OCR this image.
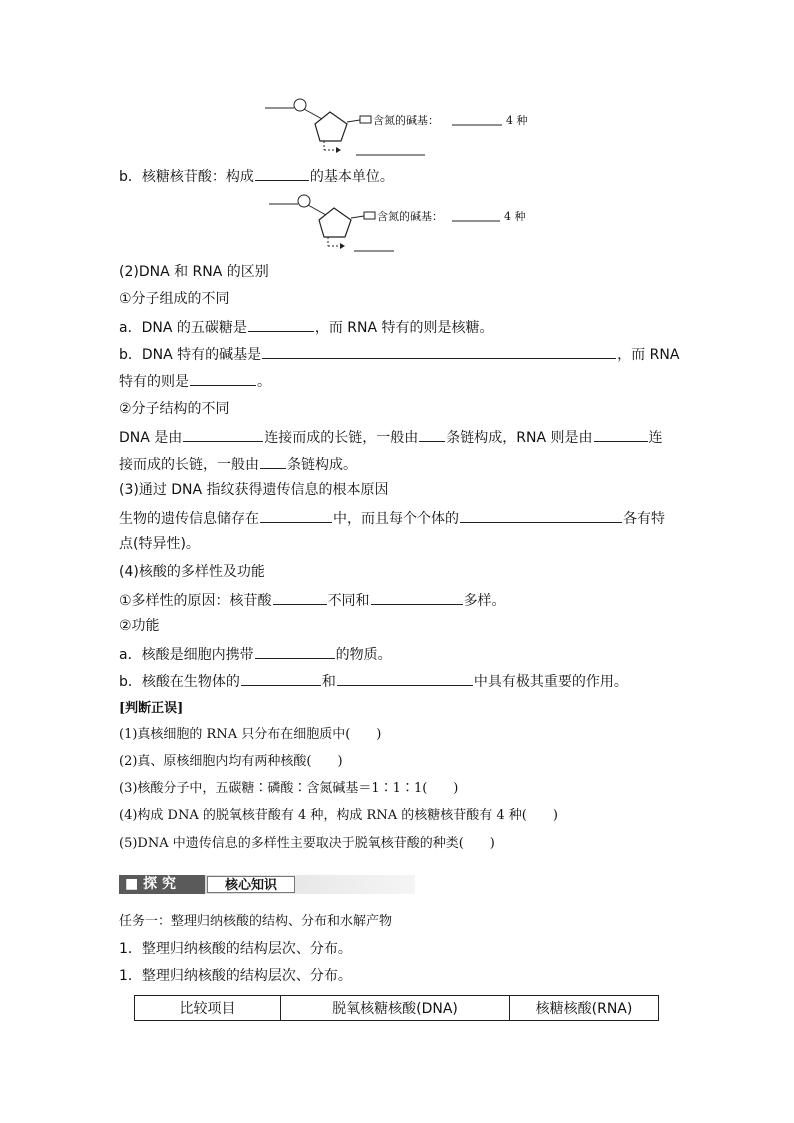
含氮的碱基：	4 种
b．核糖核苷酸：构成	的基本单位。
含氮的碱基：	4 种
(2)DNA 和 RNA 的区别
①分子组成的不同
a．DNA 的五碳糖是	，而 RNA 特有的则是核糖。
b．DNA 特有的碱基是	，而 RNA
特有的则是	。
②分子结构的不同
DNA 是由	连接而成的长链，一般由 条链构成，RNA 则是由	连
接而成的长链，一般由 条链构成。
(3)通过 DNA 指纹获得遗传信息的根本原因
生物的遗传信息储存在	中，而且每个个体的	各有特
点(特异性)。
(4)核酸的多样性及功能
①多样性的原因：核苷酸	不同和	多样。
②功能
a．核酸是细胞内携带	的物质。
b．核酸在生物体的	和	中具有极其重要的作用。
[判断正误]
(1)真核细胞的 RNA 只分布在细胞质中(　　)
(2)真、原核细胞内均有两种核酸(　　)
(3)核酸分子中，五碳糖∶磷酸∶含氮碱基＝1∶1∶1(　　)
(4)构成 DNA 的脱氧核苷酸有 4 种，构成 RNA 的核糖核苷酸有 4 种(　　)
(5)DNA 中遗传信息的多样性主要取决于脱氧核苷酸的种类(　　)
■ 探 究	核心知识
任务一：整理归纳核酸的结构、分布和水解产物
1．整理归纳核酸的结构层次、分布。
1．整理归纳核酸的结构层次、分布。
比较项目	脱氧核糖核酸(DNA)	核糖核酸(RNA)
